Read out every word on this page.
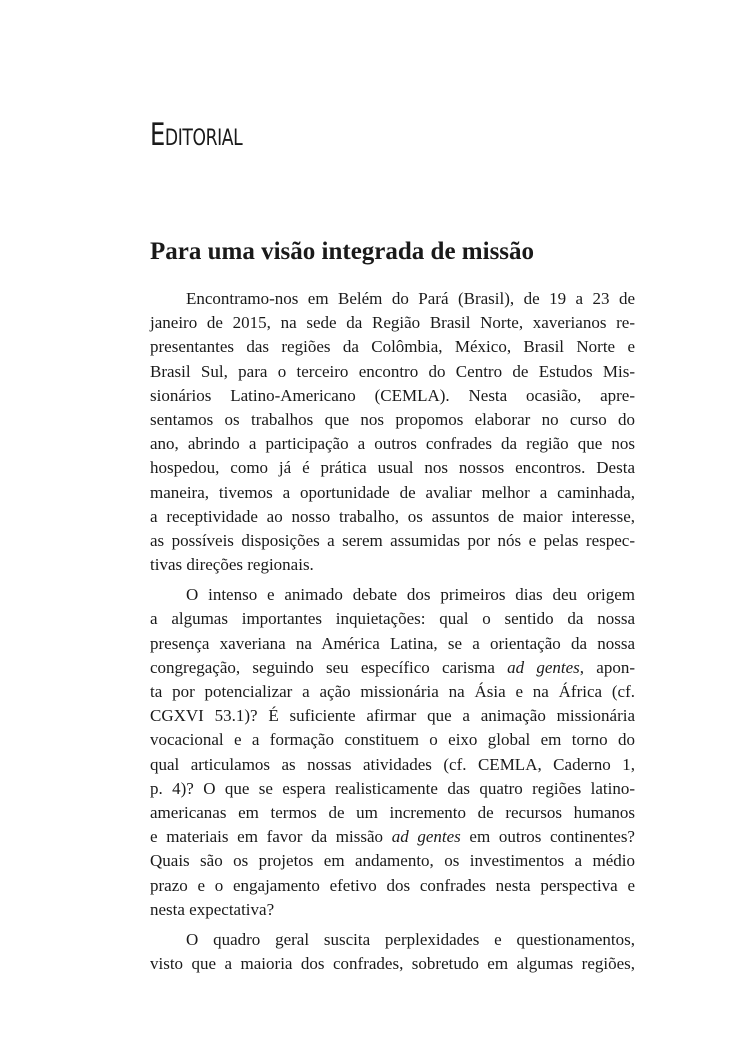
Editorial
Para uma visão integrada de missão
Encontramo-nos em Belém do Pará (Brasil), de 19 a 23 de
janeiro de 2015, na sede da Região Brasil Norte, xaverianos re-
presentantes das regiões da Colômbia, México, Brasil Norte e
Brasil Sul, para o terceiro encontro do Centro de Estudos Mis-
sionários Latino-Americano (CEMLA). Nesta ocasião, apre-
sentamos os trabalhos que nos propomos elaborar no curso do
ano, abrindo a participação a outros confrades da região que nos
hospedou, como já é prática usual nos nossos encontros. Desta
maneira, tivemos a oportunidade de avaliar melhor a caminhada,
a receptividade ao nosso trabalho, os assuntos de maior interesse,
as possíveis disposições a serem assumidas por nós e pelas respec-
tivas direções regionais.
O intenso e animado debate dos primeiros dias deu origem
a algumas importantes inquietações: qual o sentido da nossa
presença xaveriana na América Latina, se a orientação da nossa
congregação, seguindo seu específico carisma ad gentes, apon-
ta por potencializar a ação missionária na Ásia e na África (cf.
CGXVI 53.1)? É suficiente afirmar que a animação missionária
vocacional e a formação constituem o eixo global em torno do
qual articulamos as nossas atividades (cf. CEMLA, Caderno 1,
p. 4)? O que se espera realisticamente das quatro regiões latino-
americanas em termos de um incremento de recursos humanos
e materiais em favor da missão ad gentes em outros continentes?
Quais são os projetos em andamento, os investimentos a médio
prazo e o engajamento efetivo dos confrades nesta perspectiva e
nesta expectativa?
O quadro geral suscita perplexidades e questionamentos,
visto que a maioria dos confrades, sobretudo em algumas regiões,
